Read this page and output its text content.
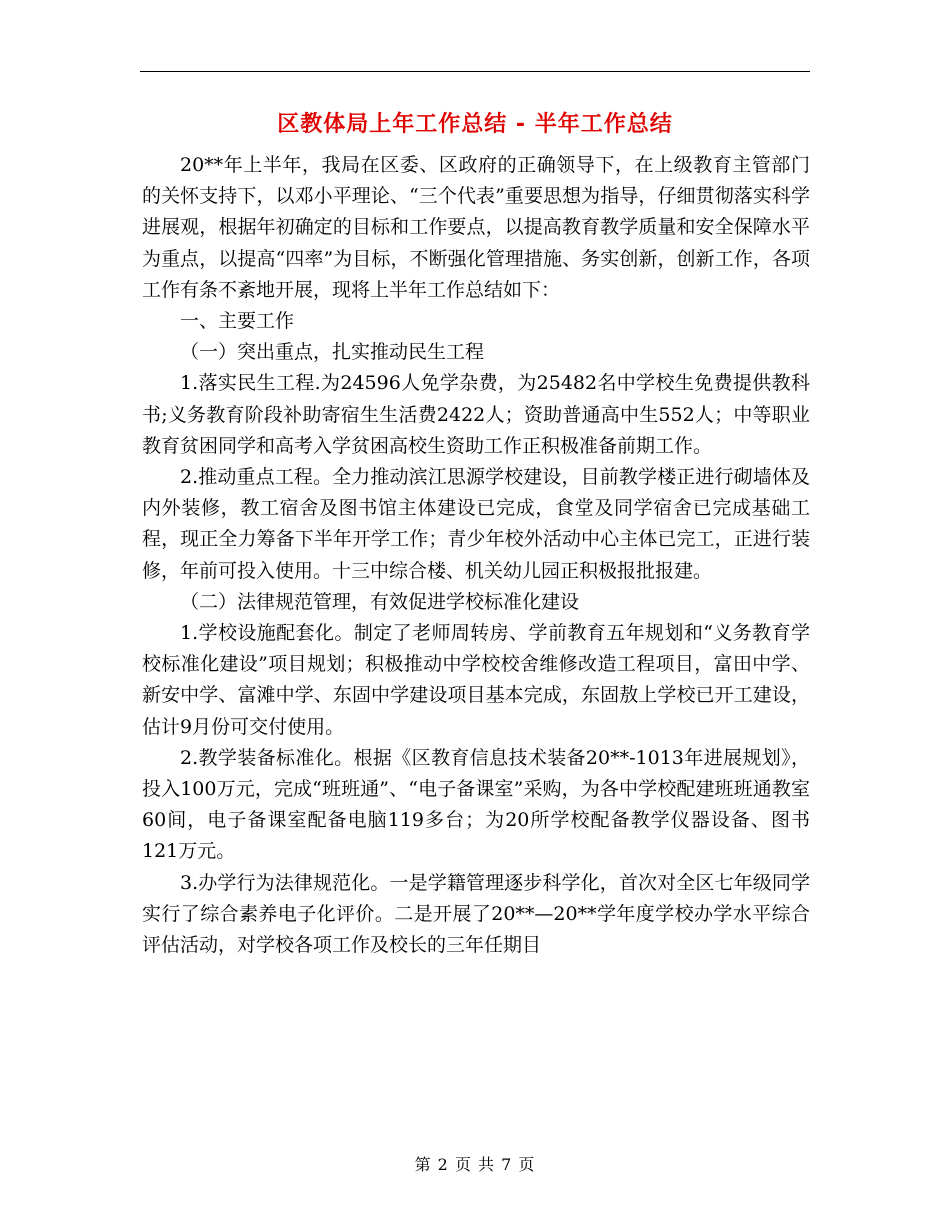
区教体局上年工作总结 - 半年工作总结

20**年上半年，我局在区委、区政府的正确领导下，在上级教育主管部门的关怀支持下，以邓小平理论、“三个代表”重要思想为指导，仔细贯彻落实科学进展观，根据年初确定的目标和工作要点，以提高教育教学质量和安全保障水平为重点，以提高“四率”为目标，不断强化管理措施、务实创新，创新工作，各项工作有条不紊地开展，现将上半年工作总结如下：

一、主要工作

（一）突出重点，扎实推动民生工程

1.落实民生工程.为24596人免学杂费，为25482名中学校生免费提供教科书;义务教育阶段补助寄宿生生活费2422人；资助普通高中生552人；中等职业教育贫困同学和高考入学贫困高校生资助工作正积极准备前期工作。

2.推动重点工程。全力推动滨江思源学校建设，目前教学楼正进行砌墙体及内外装修，教工宿舍及图书馆主体建设已完成，食堂及同学宿舍已完成基础工程，现正全力筹备下半年开学工作；青少年校外活动中心主体已完工，正进行装修，年前可投入使用。十三中综合楼、机关幼儿园正积极报批报建。

（二）法律规范管理，有效促进学校标准化建设

1.学校设施配套化。制定了老师周转房、学前教育五年规划和“义务教育学校标准化建设”项目规划；积极推动中学校校舍维修改造工程项目，富田中学、新安中学、富滩中学、东固中学建设项目基本完成，东固敖上学校已开工建设，估计9月份可交付使用。

2.教学装备标准化。根据《区教育信息技术装备20**-1013年进展规划》，投入100万元，完成“班班通”、“电子备课室”采购，为各中学校配建班班通教室60间，电子备课室配备电脑119多台；为20所学校配备教学仪器设备、图书121万元。

3.办学行为法律规范化。一是学籍管理逐步科学化，首次对全区七年级同学实行了综合素养电子化评价。二是开展了20**—20**学年度学校办学水平综合评估活动，对学校各项工作及校长的三年任期目

第 2 页 共 7 页
